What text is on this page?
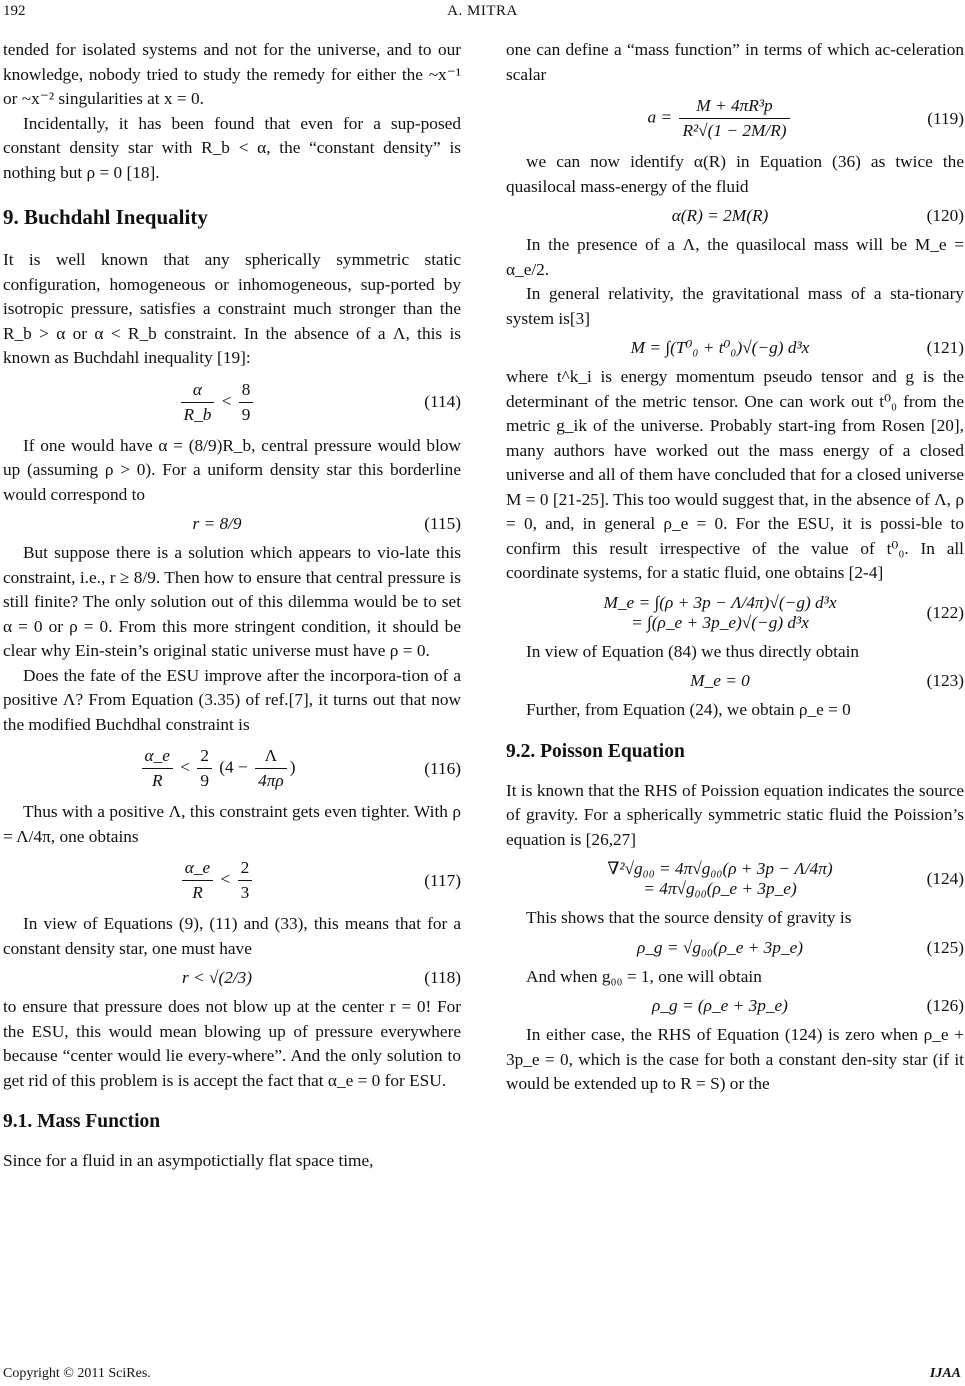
192	A. MITRA

tended for isolated systems and not for the universe, and to our knowledge, nobody tried to study the remedy for either the ~x⁻¹ or ~x⁻² singularities at x = 0.

Incidentally, it has been found that even for a sup-posed constant density star with R_b < α, the “constant density” is nothing but ρ = 0 [18].

9. Buchdahl Inequality

It is well known that any spherically symmetric static configuration, homogeneous or inhomogeneous, sup-ported by isotropic pressure, satisfies a constraint much stronger than the R_b > α or α < R_b constraint. In the absence of a Λ, this is known as Buchdahl inequality [19]:

$\frac{\alpha}{R\_b} < \frac{8}{9}$	(114)

If one would have α = (8/9)R_b, central pressure would blow up (assuming ρ > 0). For a uniform density star this borderline would correspond to

r = 8/9	(115)

But suppose there is a solution which appears to vio-late this constraint, i.e., r ≥ 8/9. Then how to ensure that central pressure is still finite? The only solution out of this dilemma would be to set α = 0 or ρ = 0. From this more stringent condition, it should be clear why Ein-stein’s original static universe must have ρ = 0.

Does the fate of the ESU improve after the incorpora-tion of a positive Λ? From Equation (3.35) of ref.[7], it turns out that now the modified Buchdhal constraint is

$\frac{\alpha\_e}{R} < \frac{2}{9} (4 - \frac{\Lambda}{4\pi\rho}$ )	(116)

Thus with a positive Λ, this constraint gets even tighter. With ρ = Λ/4π, one obtains

$\frac{\alpha\_e}{R} < \frac{2}{3}$	(117)

In view of Equations (9), (11) and (33), this means that for a constant density star, one must have

r < √(2/3)	(118)

to ensure that pressure does not blow up at the center r = 0! For the ESU, this would mean blowing up of pressure everywhere because “center would lie every-where”. And the only solution to get rid of this problem is is accept the fact that α_e = 0 for ESU.

9.1. Mass Function

Since for a fluid in an asympotictially flat space time,

one can define a “mass function” in terms of which ac-celeration scalar

$a = \frac{\text{M + 4πR³p}}{\text{R²√(1 − 2M/R)}}$	(119)

we can now identify α(R) in Equation (36) as twice the quasilocal mass-energy of the fluid

α(R) = 2M(R)	(120)

In the presence of a Λ, the quasilocal mass will be M_e = α_e/2.

In general relativity, the gravitational mass of a sta-tionary system is[3]

M = ∫(T⁰₀ + t⁰₀)√(−g) d³x	(121)

where t^k_i is energy momentum pseudo tensor and g is the determinant of the metric tensor. One can work out t⁰₀ from the metric g_ik of the universe. Probably start-ing from Rosen [20], many authors have worked out the mass energy of a closed universe and all of them have concluded that for a closed universe M = 0 [21-25]. This too would suggest that, in the absence of Λ, ρ = 0, and, in general ρ_e = 0. For the ESU, it is possi-ble to confirm this result irrespective of the value of t⁰₀. In all coordinate systems, for a static fluid, one obtains [2-4]

M_e = ∫(ρ + 3p − Λ/4π)√(−g) d³x
= ∫(ρ_e + 3p_e)√(−g) d³x
(122)

In view of Equation (84) we thus directly obtain

M_e = 0	(123)

Further, from Equation (24), we obtain ρ_e = 0

9.2. Poisson Equation

It is known that the RHS of Poission equation indicates the source of gravity. For a spherically symmetric static fluid the Poission’s equation is [26,27]

∇²√g₀₀ = 4π√g₀₀(ρ + 3p − Λ/4π)
= 4π√g₀₀(ρ_e + 3p_e)
(124)

This shows that the source density of gravity is

ρ_g = √g₀₀(ρ_e + 3p_e)	(125)

And when g₀₀ = 1, one will obtain

ρ_g = (ρ_e + 3p_e)	(126)

In either case, the RHS of Equation (124) is zero when ρ_e + 3p_e = 0, which is the case for both a constant den-sity star (if it would be extended up to R = S) or the

Copyright © 2011 SciRes.	IJAA
